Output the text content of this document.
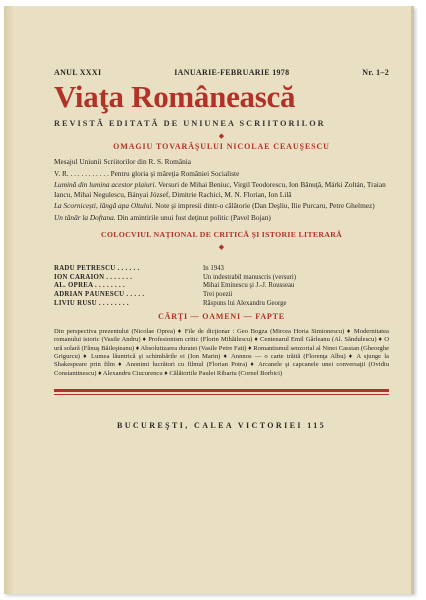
ANUL XXXI	IANUARIE-FEBRUARIE 1978	Nr. 1–2
Viaţa Românească
REVISTĂ EDITATĂ DE UNIUNEA SCRIITORILOR
◆
OMAGIU TOVARĂŞULUI NICOLAE CEAUŞESCU

Mesajul Uniunii Scriitorilor din R. S. România

V. R. . . . . . . . . . . . Pentru gloria şi măreţia României Socialiste

Lumină din lumina acestor plaiuri. Versuri de Mihai Beniuc, Virgil Teodorescu, Ion Bănuţă, Márki Zoltán, Traian Iancu, Mihai Negulescu, Bányai József, Dimitrie Rachici, M. N. Florian, Ion Lilă

La Scornicești, lângă apa Oltului. Note şi impresii dintr-o călătorie (Dan Deşliu, Ilie Purcaru, Petre Ghelmez)

Un tânăr la Doftana. Din amintirile unui fost deţinut politic (Pavel Bojan)

COLOCVIUL NAŢIONAL DE CRITICĂ ŞI ISTORIE LITERARĂ
◆
RADU PETRESCU . . . . . .	In 1943
ION CARAION . . . . . . .	Un indestrabil manuscris (versuri)
AL. OPREA . . . . . . . .	Mihai Eminescu şi J.-J. Rousseau
ADRIAN PĂUNESCU . . . . .	Trei poezii
LIVIU RUSU . . . . . . . .	Răspuns lui Alexandru George
CĂRŢI — OAMENI — FAPTE
Din perspectiva prezentului (Nicolae Oprea) ♦ File de dicţionar : Geo Bogza (Mircea Horia Simionescu) ♦ Modernitatea romanului istoric (Vasile Andru) ♦ Profesionism critic (Florin Mihăilescu) ♦ Centenarul Emil Gârleanu (Al. Săndulescu) ♦ O ură solară (Fănuş Băileşteanu) ♦ Absolutizarea duratei (Vasile Petre Fati) ♦ Romantismul senzorial al Ninei Cassian (Gheorghe Grigurcu) ♦ Lumea lăuntrică şi schimbările ei (Ion Marin) ♦ Annnos — o carte trăită (Florenţa Albu) ♦ A sjunge la Shakespeare prin film ♦ Anonimi lucrători cu filmul (Florian Potra) ♦ Arcanele şi capcanele unei conversaţii (Ovidiu Constantinescu) ♦ Alexandru Ciucurencu ♦ Călătoriile Paulei Ribariu (Cornel Borbici)
BUCUREŞTI, CALEA VICTORIEI 115
